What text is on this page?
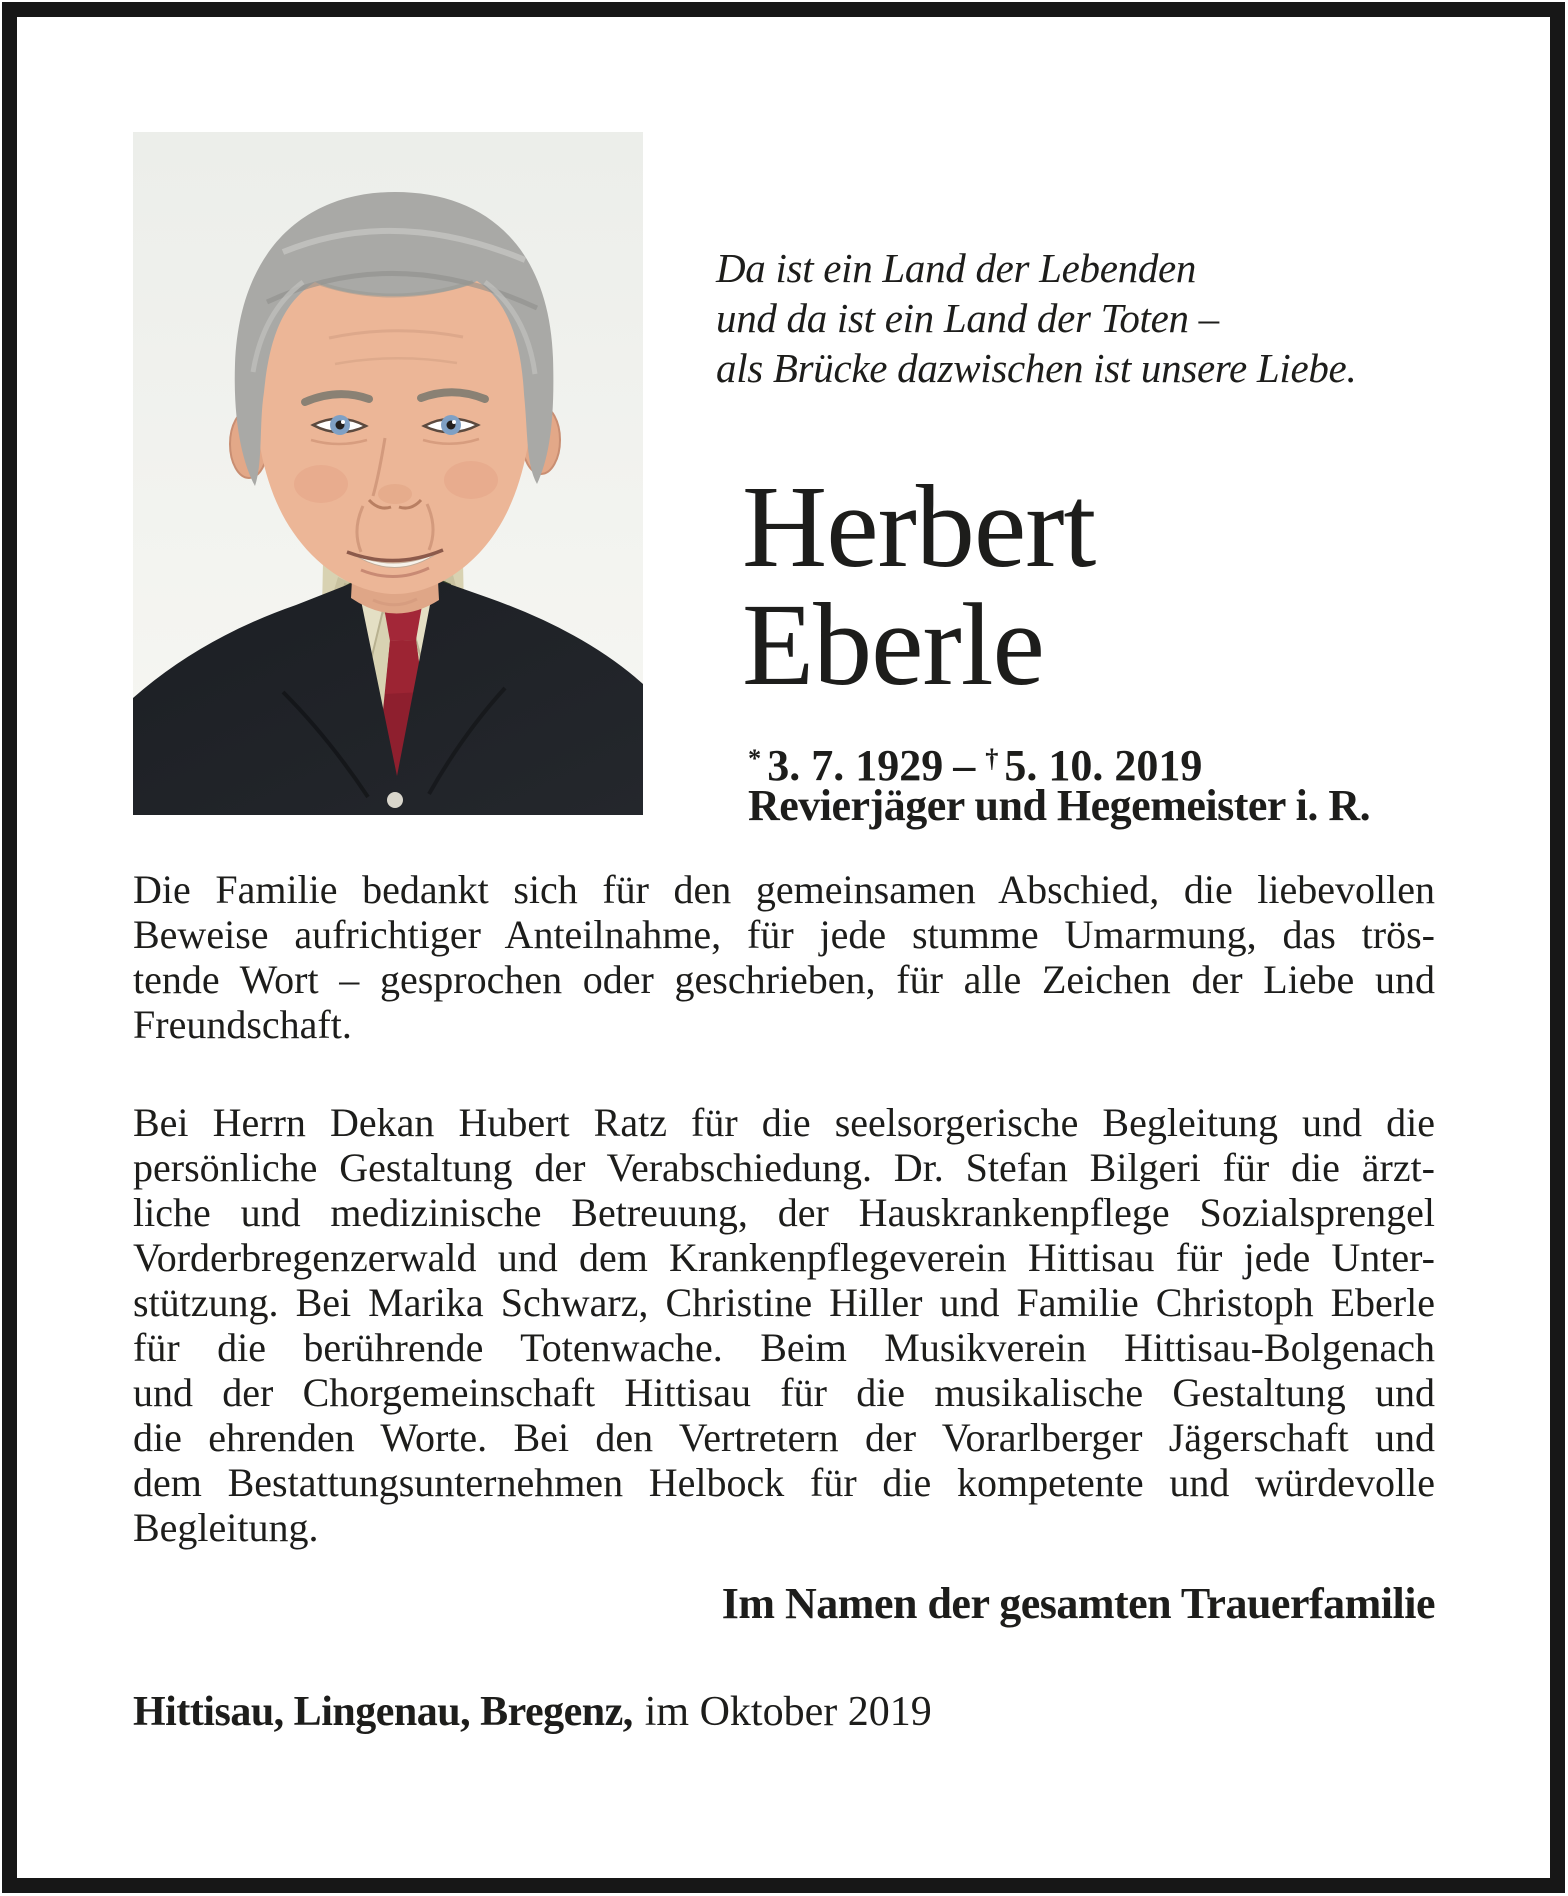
Da ist ein Land der Lebenden
und da ist ein Land der Toten –
als Brücke dazwischen ist unsere Liebe.
Herbert
Eberle
* 3. 7. 1929 – † 5. 10. 2019
Revierjäger und Hegemeister i. R.
Die Familie bedankt sich für den gemeinsamen Abschied, die liebevollen
Beweise aufrichtiger Anteilnahme, für jede stumme Umarmung, das trös-
tende Wort – gesprochen oder geschrieben, für alle Zeichen der Liebe und
Freundschaft.
Bei Herrn Dekan Hubert Ratz für die seelsorgerische Begleitung und die
persönliche Gestaltung der Verabschiedung. Dr. Stefan Bilgeri für die ärzt-
liche und medizinische Betreuung, der Hauskrankenpflege Sozialsprengel
Vorderbregenzerwald und dem Krankenpflegeverein Hittisau für jede Unter-
stützung. Bei Marika Schwarz, Christine Hiller und Familie Christoph Eberle
für die berührende Totenwache. Beim Musikverein Hittisau-Bolgenach
und der Chorgemeinschaft Hittisau für die musikalische Gestaltung und
die ehrenden Worte. Bei den Vertretern der Vorarlberger Jägerschaft und
dem Bestattungsunternehmen Helbock für die kompetente und würdevolle
Begleitung.
Im Namen der gesamten Trauerfamilie
Hittisau, Lingenau, Bregenz, im Oktober 2019
